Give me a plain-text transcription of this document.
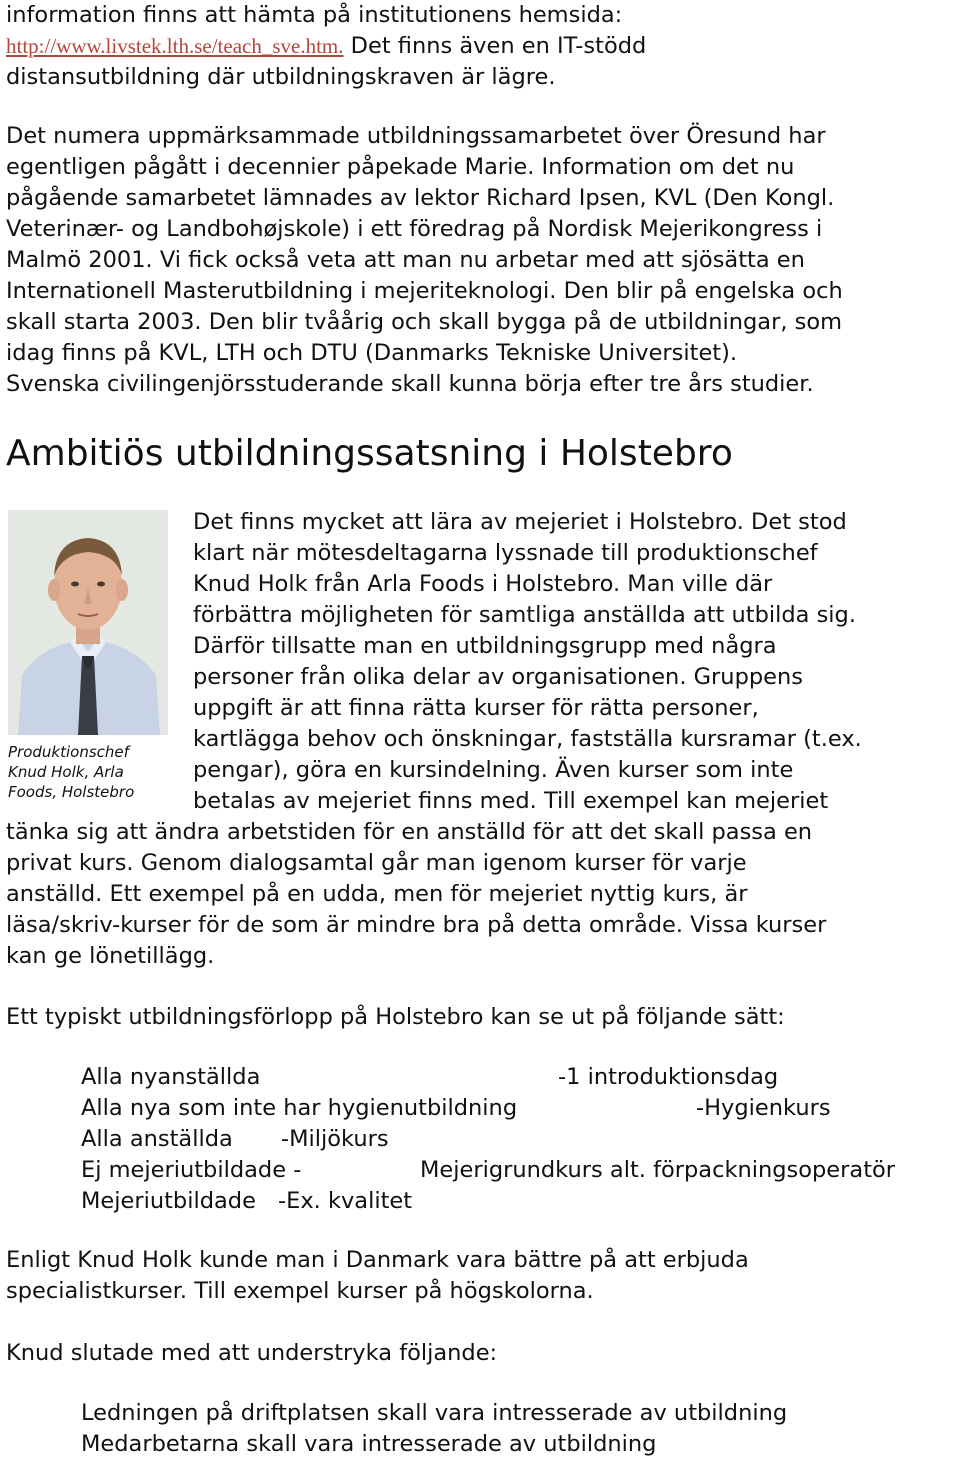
information finns att hämta på institutionens hemsida:

http://www.livstek.lth.se/teach_sve.htm. Det finns även en IT-stödd

distansutbildning där utbildningskraven är lägre.

Det numera uppmärksammade utbildningssamarbetet över Öresund har

egentligen pågått i decennier påpekade Marie. Information om det nu

pågående samarbetet lämnades av lektor Richard Ipsen, KVL (Den Kongl.

Veterinær- og Landbohøjskole) i ett föredrag på Nordisk Mejerikongress i

Malmö 2001. Vi fick också veta att man nu arbetar med att sjösätta en

Internationell Masterutbildning i mejeriteknologi. Den blir på engelska och

skall starta 2003. Den blir tvåårig och skall bygga på de utbildningar, som

idag finns på KVL, LTH och DTU (Danmarks Tekniske Universitet).

Svenska civilingenjörsstuderande skall kunna börja efter tre års studier.

Ambitiös utbildningssatsning i Holstebro
Produktionschef
Knud Holk, Arla
Foods, Holstebro

Det finns mycket att lära av mejeriet i Holstebro. Det stod

klart när mötesdeltagarna lyssnade till produktionschef

Knud Holk från Arla Foods i Holstebro. Man ville där

förbättra möjligheten för samtliga anställda att utbilda sig.

Därför tillsatte man en utbildningsgrupp med några

personer från olika delar av organisationen. Gruppens

uppgift är att finna rätta kurser för rätta personer,

kartlägga behov och önskningar, fastställa kursramar (t.ex.

pengar), göra en kursindelning. Även kurser som inte

betalas av mejeriet finns med. Till exempel kan mejeriet

tänka sig att ändra arbetstiden för en anställd för att det skall passa en

privat kurs. Genom dialogsamtal går man igenom kurser för varje

anställd. Ett exempel på en udda, men för mejeriet nyttig kurs, är

läsa/skriv-kurser för de som är mindre bra på detta område. Vissa kurser

kan ge lönetillägg.

Ett typiskt utbildningsförlopp på Holstebro kan se ut på följande sätt:

Alla nyanställda	-1 introduktionsdag
Alla nya som inte har hygienutbildning	-Hygienkurs
Alla anställda -Miljökurs
Ej mejeriutbildade -	Mejerigrundkurs alt. förpackningsoperatör
Mejeriutbildade -Ex. kvalitet

Enligt Knud Holk kunde man i Danmark vara bättre på att erbjuda

specialistkurser. Till exempel kurser på högskolorna.

Knud slutade med att understryka följande:

Ledningen på driftplatsen skall vara intresserade av utbildning

Medarbetarna skall vara intresserade av utbildning
